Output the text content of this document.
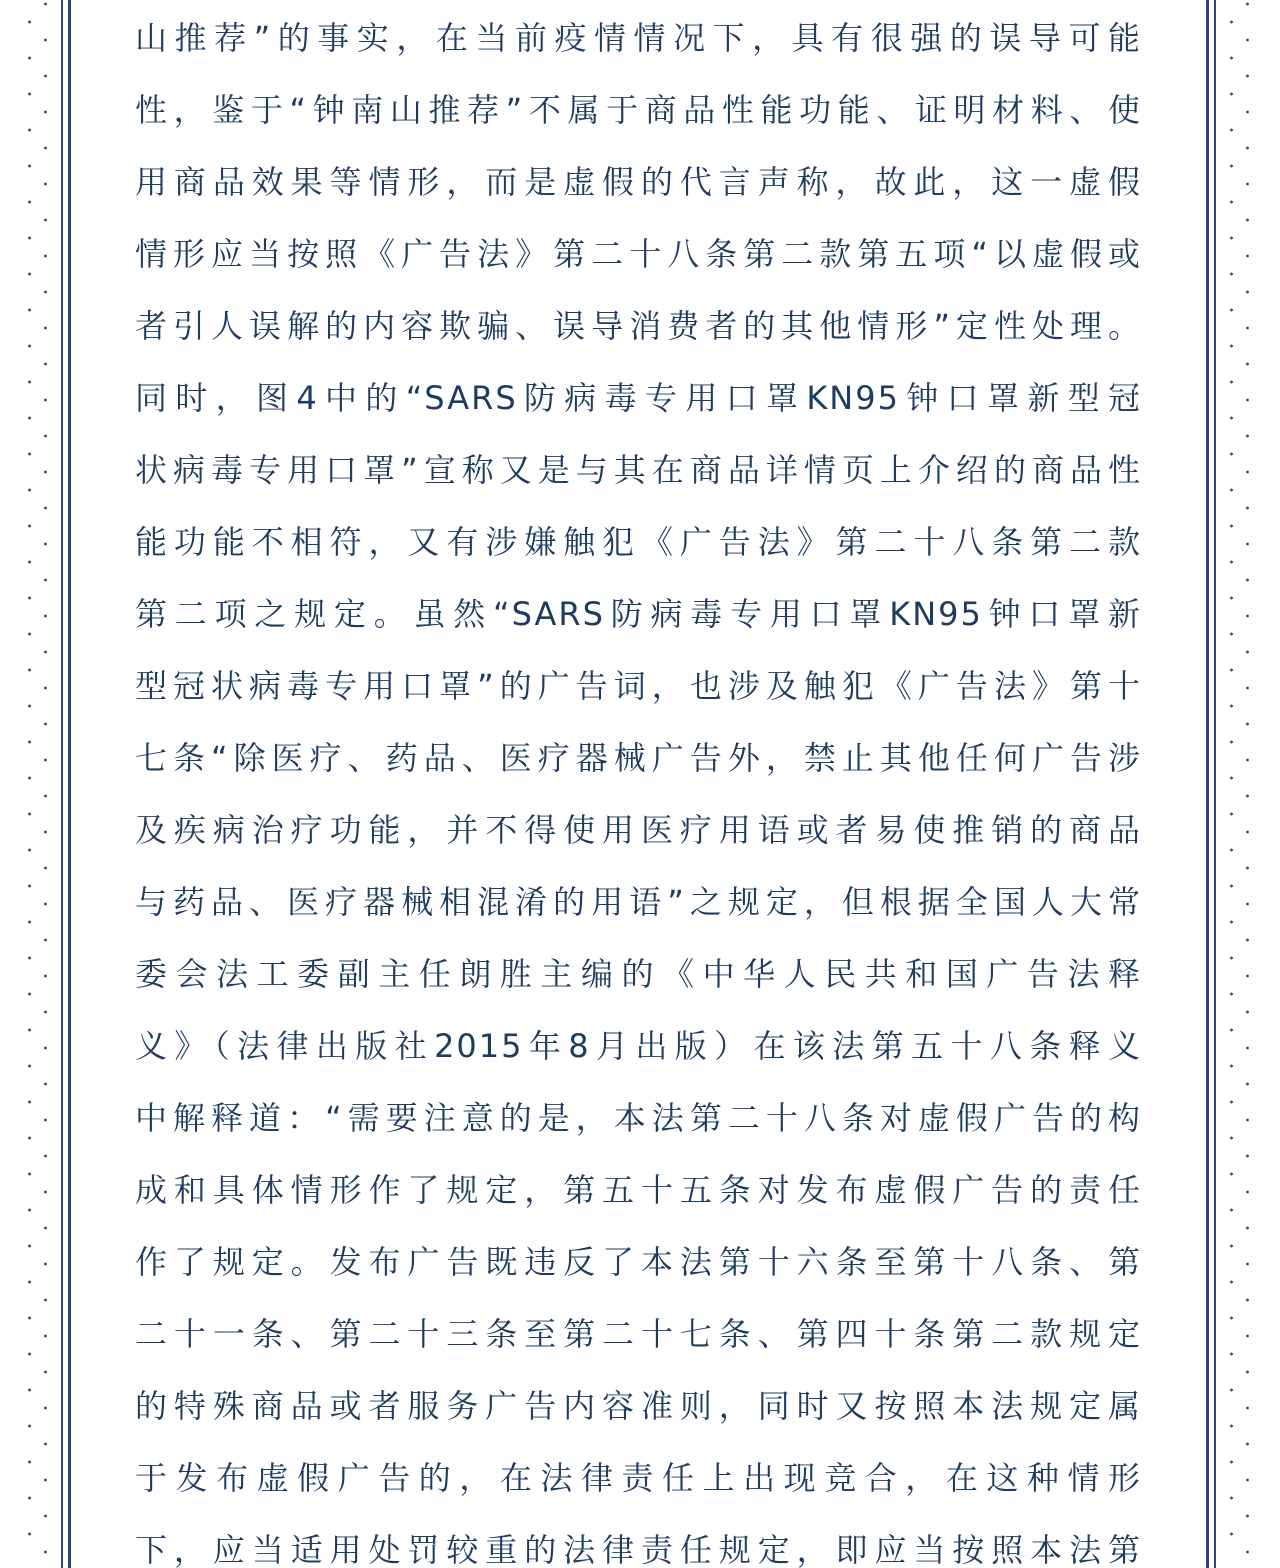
山推荐”的事实，在当前疫情情况下，具有很强的误导可能
性，鉴于“钟南山推荐”不属于商品性能功能、证明材料、使
用商品效果等情形，而是虚假的代言声称，故此，这一虚假
情形应当按照《广告法》第二十八条第二款第五项“以虚假或
者引人误解的内容欺骗、误导消费者的其他情形”定性处理。
同时，图4中的“SARS防病毒专用口罩KN95钟口罩新型冠
状病毒专用口罩”宣称又是与其在商品详情页上介绍的商品性
能功能不相符，又有涉嫌触犯《广告法》第二十八条第二款
第二项之规定。虽然“SARS防病毒专用口罩KN95钟口罩新
型冠状病毒专用口罩”的广告词，也涉及触犯《广告法》第十
七条“除医疗、药品、医疗器械广告外，禁止其他任何广告涉
及疾病治疗功能，并不得使用医疗用语或者易使推销的商品
与药品、医疗器械相混淆的用语”之规定，但根据全国人大常
委会法工委副主任朗胜主编的《中华人民共和国广告法释
义》（法律出版社2015年8月出版）在该法第五十八条释义
中解释道：“需要注意的是，本法第二十八条对虚假广告的构
成和具体情形作了规定，第五十五条对发布虚假广告的责任
作了规定。发布广告既违反了本法第十六条至第十八条、第
二十一条、第二十三条至第二十七条、第四十条第二款规定
的特殊商品或者服务广告内容准则，同时又按照本法规定属
于发布虚假广告的，在法律责任上出现竞合，在这种情形
下，应当适用处罚较重的法律责任规定，即应当按照本法第
